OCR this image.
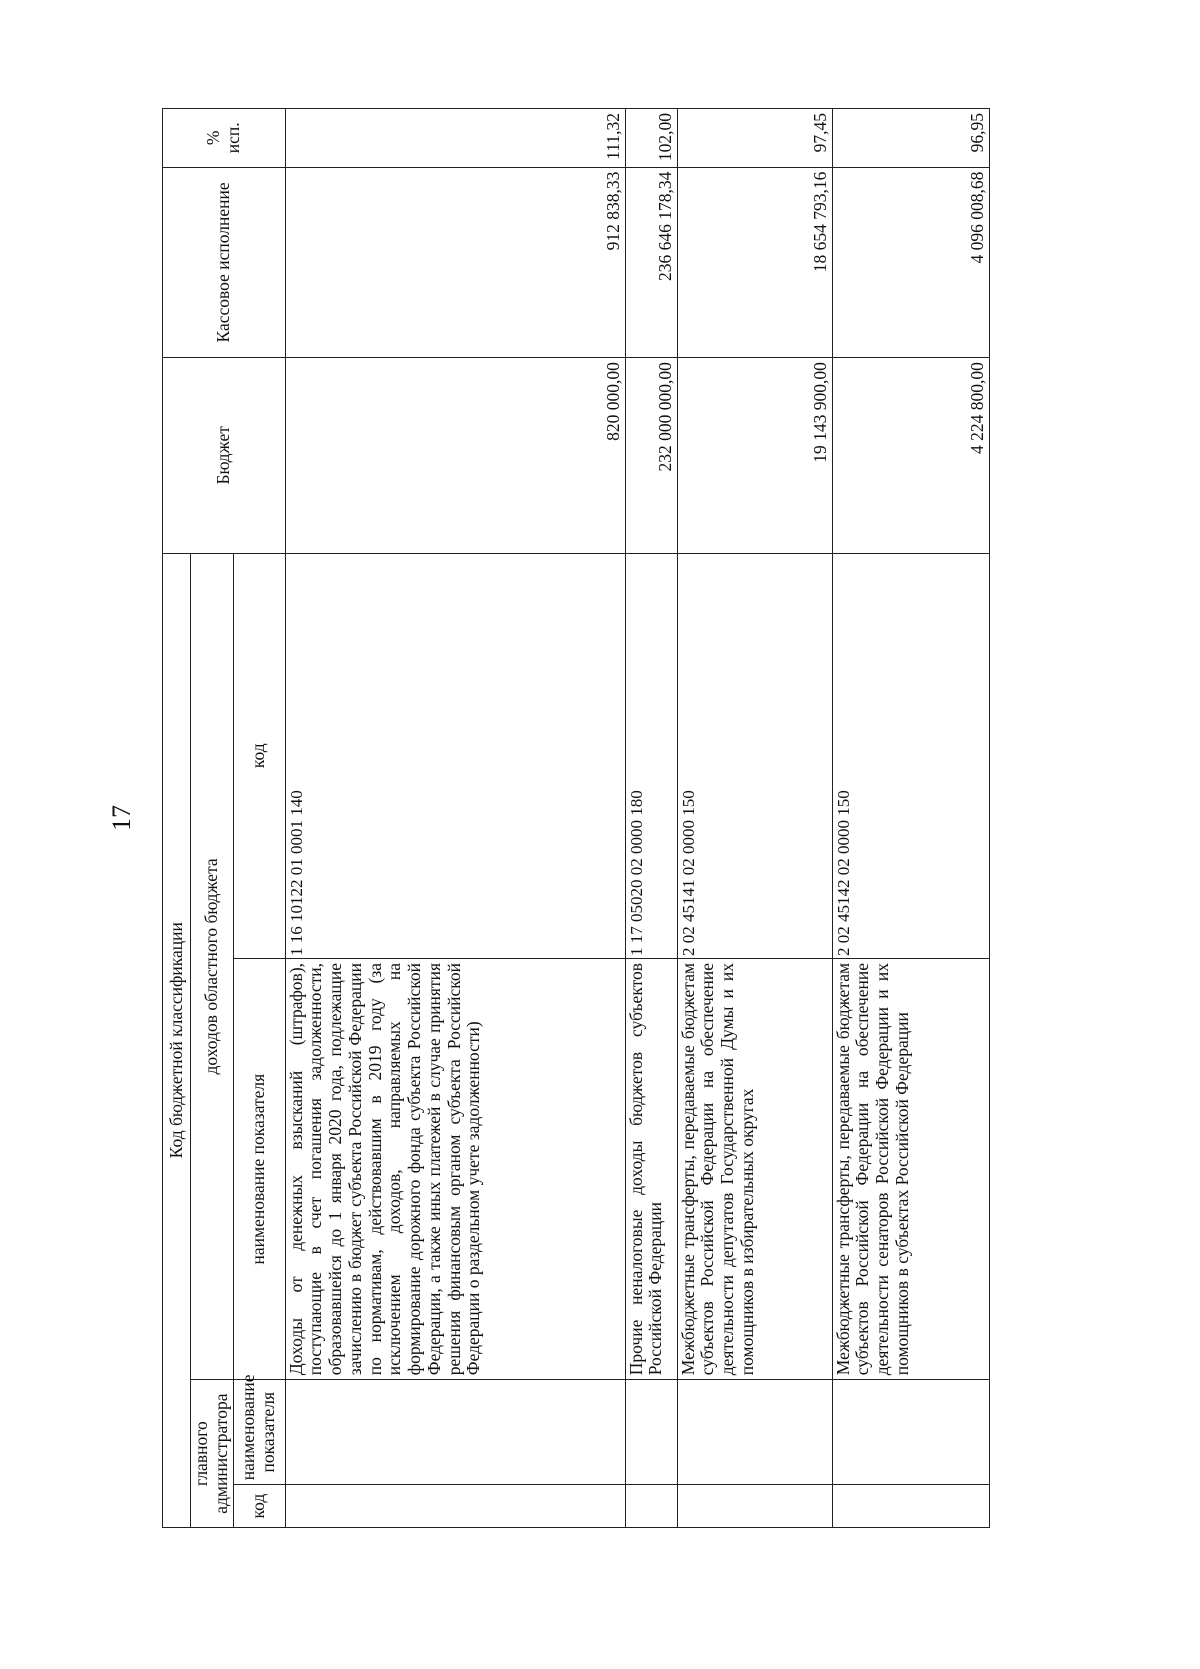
17
Код бюджетной классификации				Бюджет	Кассовое исполнение	% исп.
главного администратора		доходов областного бюджета				
код	наименование показателя	наименование показателя	код			
		Доходы от денежных взысканий (штрафов), поступающие в счет погашения задолженности, образовавшейся до 1 января 2020 года, подлежащие зачислению в бюджет субъекта Российской Федерации по нормативам, действовавшим в 2019 году (за исключением доходов, направляемых на формирование дорожного фонда субъекта Российской Федерации, а также иных платежей в случае принятия решения финансовым органом субъекта Российской Федерации о раздельном учете задолженности)	1 16 10122 01 0001 140	820 000,00	912 838,33	111,32
		Прочие неналоговые доходы бюджетов субъектов Российской Федерации	1 17 05020 02 0000 180	232 000 000,00	236 646 178,34	102,00
		Межбюджетные трансферты, передаваемые бюджетам субъектов Российской Федерации на обеспечение деятельности депутатов Государственной Думы и их помощников в избирательных округах	2 02 45141 02 0000 150	19 143 900,00	18 654 793,16	97,45
		Межбюджетные трансферты, передаваемые бюджетам субъектов Российской Федерации на обеспечение деятельности сенаторов Российской Федерации и их помощников в субъектах Российской Федерации	2 02 45142 02 0000 150	4 224 800,00	4 096 008,68	96,95
